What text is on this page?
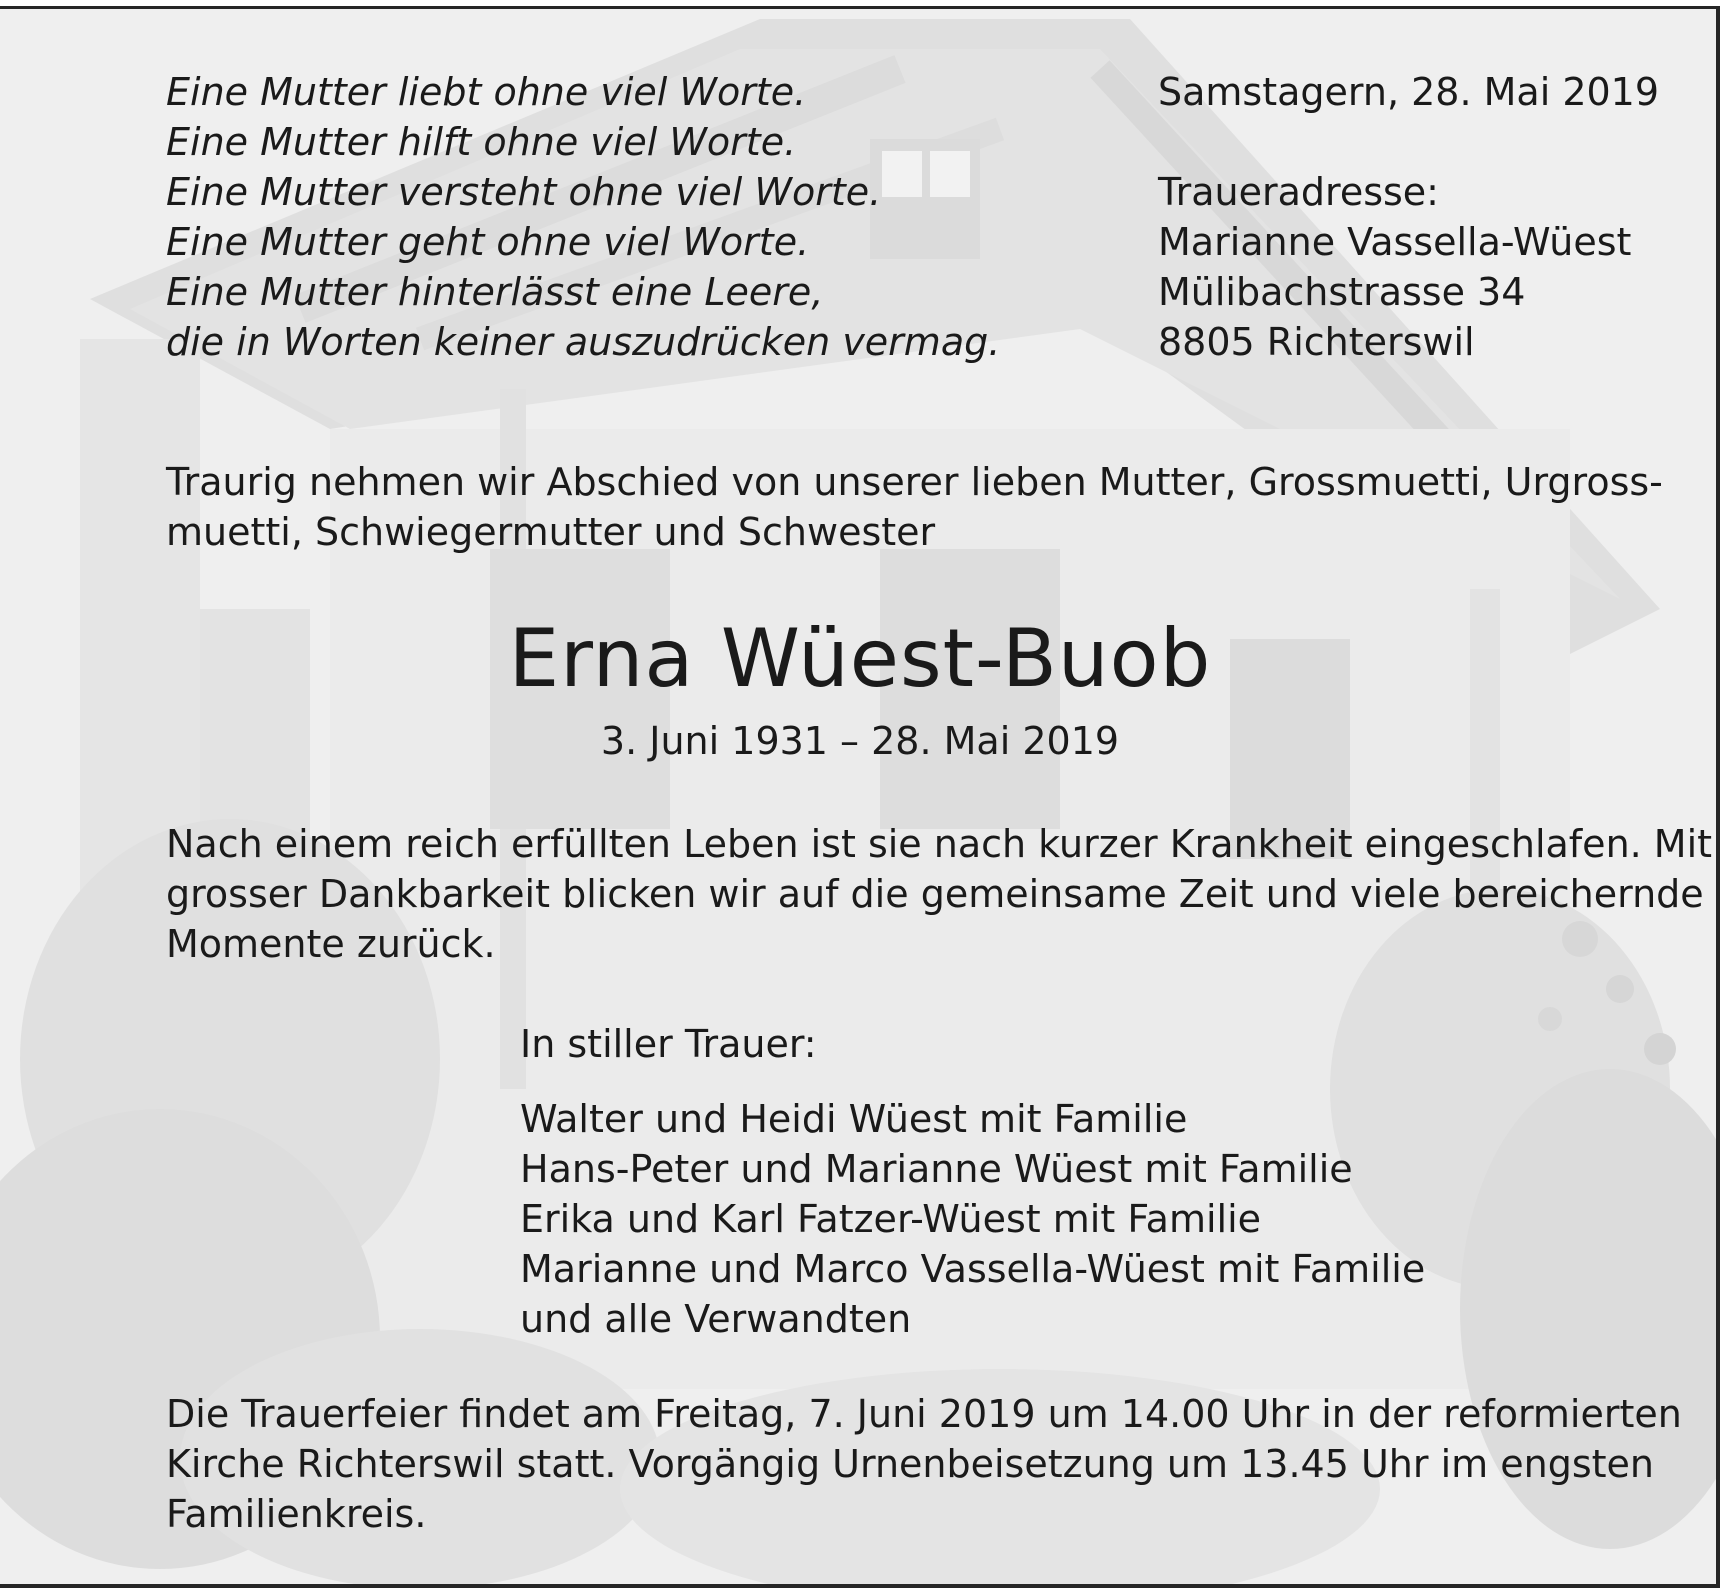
Eine Mutter liebt ohne viel Worte.
Eine Mutter hilft ohne viel Worte.
Eine Mutter versteht ohne viel Worte.
Eine Mutter geht ohne viel Worte.
Eine Mutter hinterlässt eine Leere,
die in Worten keiner auszudrücken vermag.
Samstagern, 28. Mai 2019
Traueradresse:
Marianne Vassella-Wüest
Mülibachstrasse 34
8805 Richterswil
Traurig nehmen wir Abschied von unserer lieben Mutter, Grossmuetti, Urgross-
muetti, Schwiegermutter und Schwester
Erna Wüest-Buob
3. Juni 1931 – 28. Mai 2019
Nach einem reich erfüllten Leben ist sie nach kurzer Krankheit eingeschlafen. Mit
grosser Dankbarkeit blicken wir auf die gemeinsame Zeit und viele bereichernde
Momente zurück.
In stiller Trauer:
Walter und Heidi Wüest mit Familie
Hans-Peter und Marianne Wüest mit Familie
Erika und Karl Fatzer-Wüest mit Familie
Marianne und Marco Vassella-Wüest mit Familie
und alle Verwandten
Die Trauerfeier findet am Freitag, 7. Juni 2019 um 14.00 Uhr in der reformierten
Kirche Richterswil statt. Vorgängig Urnenbeisetzung um 13.45 Uhr im engsten
Familienkreis.
